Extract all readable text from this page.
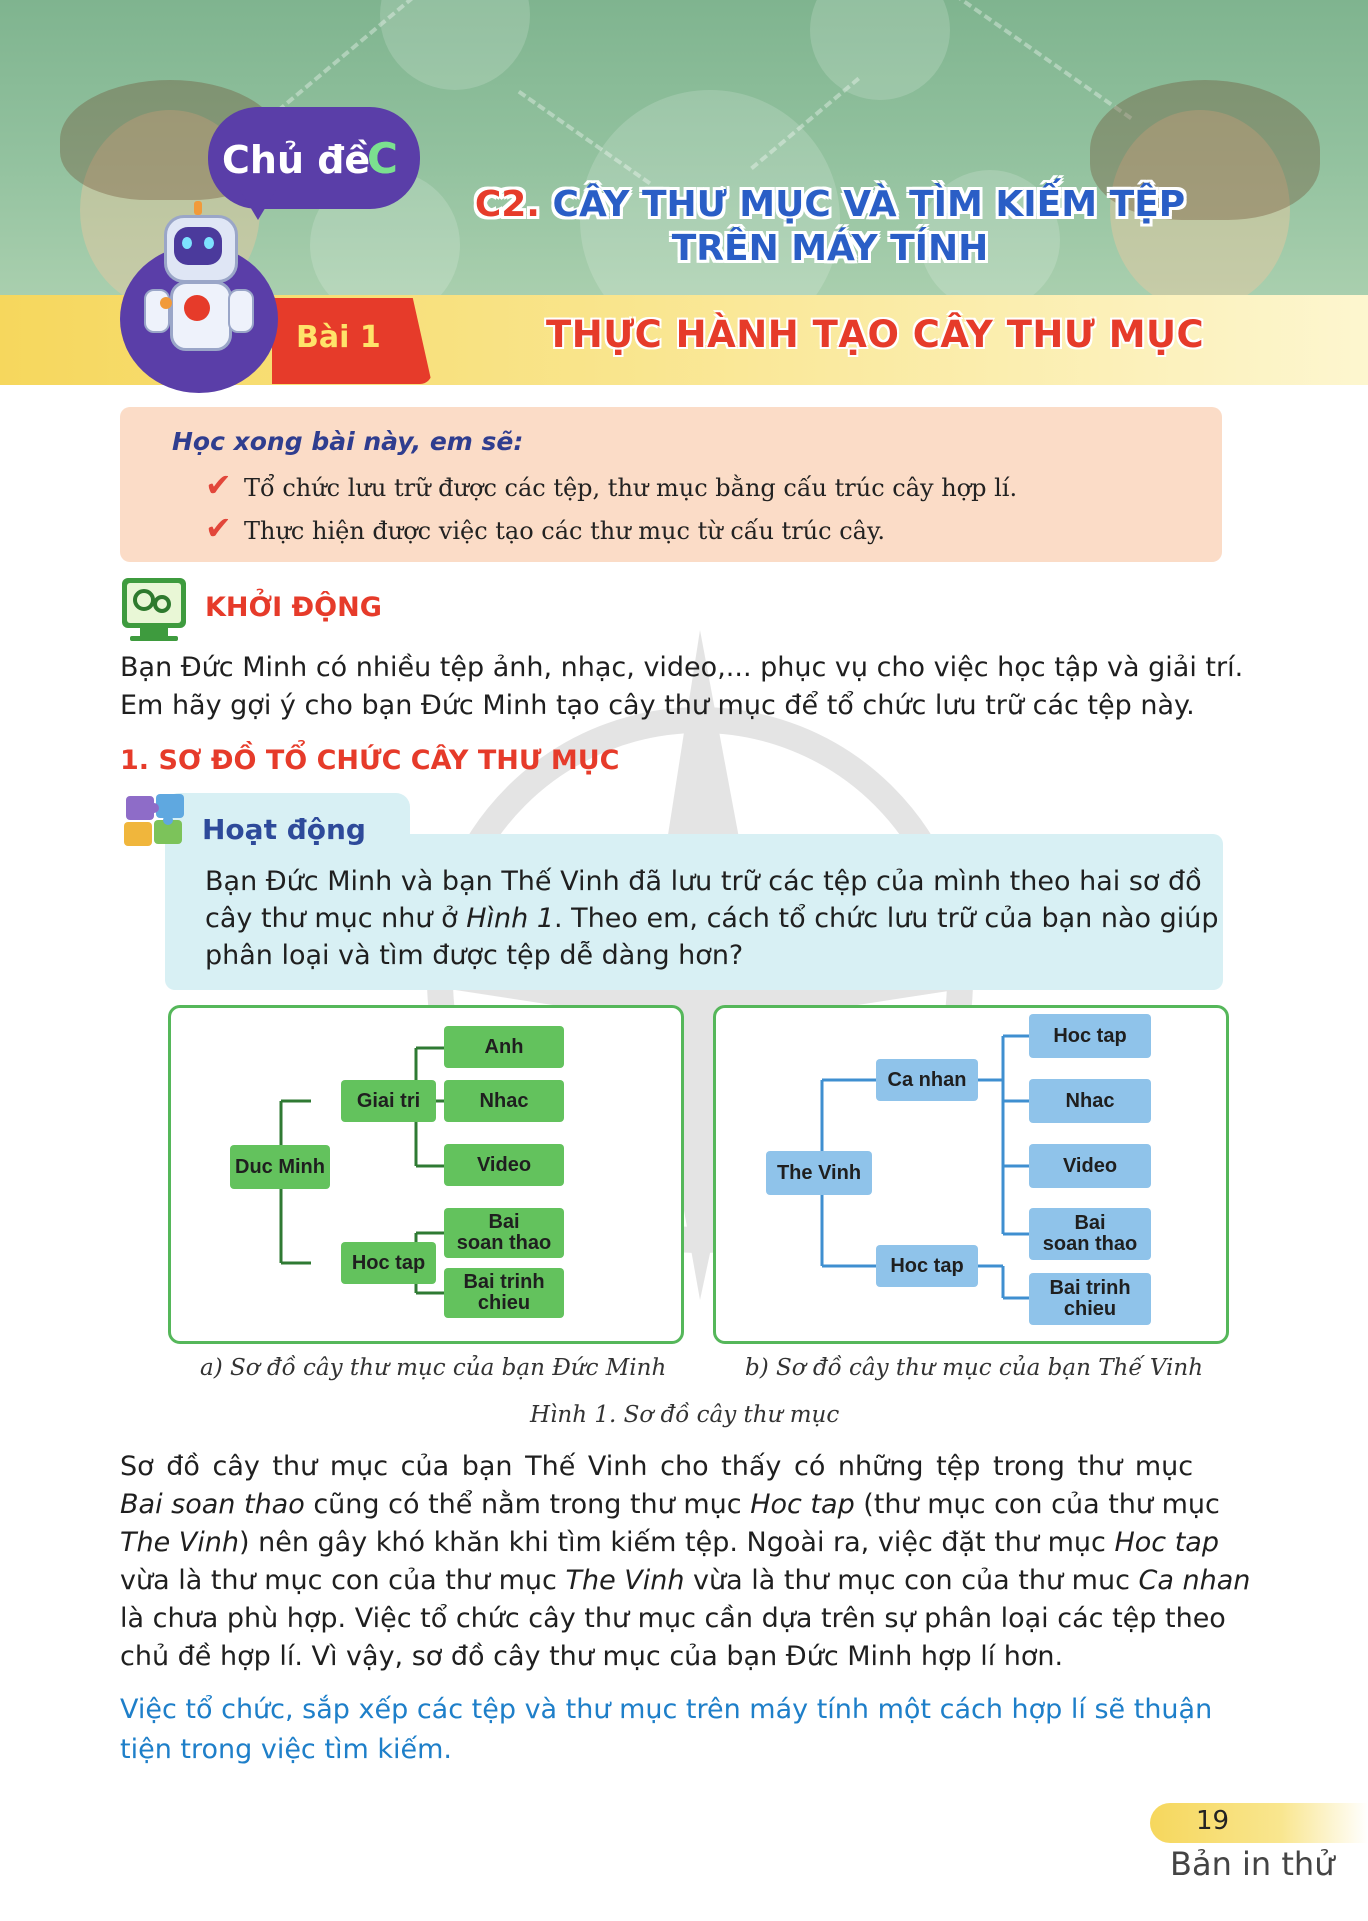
Chủ đề
C
C2. CÂY THƯ MỤC VÀ TÌM KIẾM TỆP
TRÊN MÁY TÍNH
Bài 1	THỰC HÀNH TẠO CÂY THƯ MỤC
Học xong bài này, em sẽ:
✔ Tổ chức lưu trữ được các tệp, thư mục bằng cấu trúc cây hợp lí.
✔ Thực hiện được việc tạo các thư mục từ cấu trúc cây.
KHỞI ĐỘNG
Bạn Đức Minh có nhiều tệp ảnh, nhạc, video,... phục vụ cho việc học tập và giải trí.
Em hãy gợi ý cho bạn Đức Minh tạo cây thư mục để tổ chức lưu trữ các tệp này.
1. SƠ ĐỒ TỔ CHỨC CÂY THƯ MỤC
Hoạt động
Bạn Đức Minh và bạn Thế Vinh đã lưu trữ các tệp của mình theo hai sơ đồ
cây thư mục như ở Hình 1. Theo em, cách tổ chức lưu trữ của bạn nào giúp
phân loại và tìm được tệp dễ dàng hơn?
Duc Minh
Giai tri
Hoc tap
Anh
Nhac
Video
Bai
soan thao
Bai trinh
chieu
The Vinh
Ca nhan
Hoc tap
Hoc tap
Nhac
Video
Bai
soan thao
Bai trinh
chieu
a) Sơ đồ cây thư mục của bạn Đức Minh	b) Sơ đồ cây thư mục của bạn Thế Vinh
Hình 1. Sơ đồ cây thư mục
Sơ đồ cây thư mục của bạn Thế Vinh cho thấy có những tệp trong thư mục
Bai soan thao cũng có thể nằm trong thư mục Hoc tap (thư mục con của thư mục
The Vinh) nên gây khó khăn khi tìm kiếm tệp. Ngoài ra, việc đặt thư mục Hoc tap
vừa là thư mục con của thư mục The Vinh vừa là thư mục con của thư muc Ca nhan
là chưa phù hợp. Việc tổ chức cây thư mục cần dựa trên sự phân loại các tệp theo
chủ đề hợp lí. Vì vậy, sơ đồ cây thư mục của bạn Đức Minh hợp lí hơn.
Việc tổ chức, sắp xếp các tệp và thư mục trên máy tính một cách hợp lí sẽ thuận
tiện trong việc tìm kiếm.
19
Bản in thử
